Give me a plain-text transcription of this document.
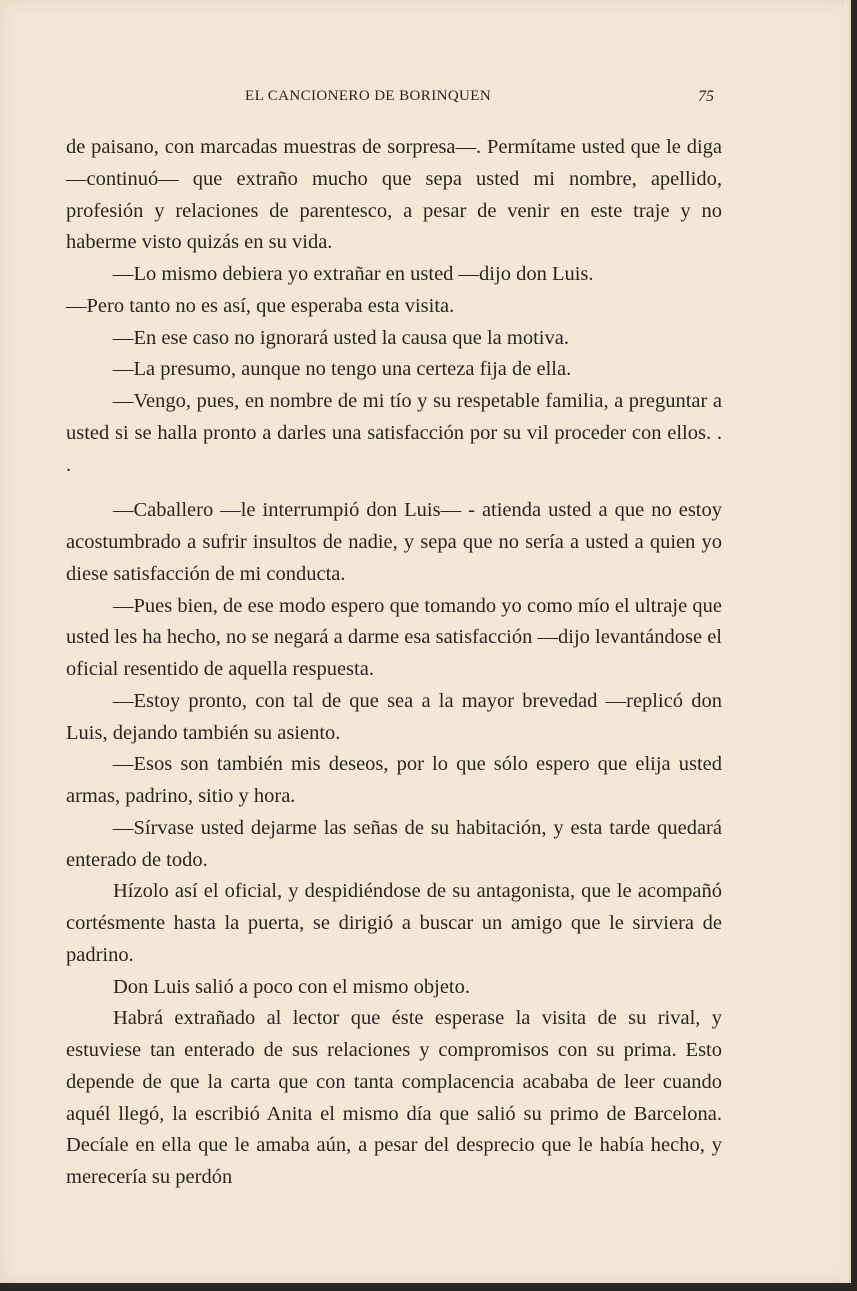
EL CANCIONERO DE BORINQUEN	75

de paisano, con marcadas muestras de sorpresa—. Permítame usted que le diga —continuó— que extraño mucho que sepa usted mi nombre, apellido, profesión y relaciones de parentesco, a pesar de venir en este traje y no haberme visto quizás en su vida.

—Lo mismo debiera yo extrañar en usted —dijo don Luis.

—Pero tanto no es así, que esperaba esta visita.

—En ese caso no ignorará usted la causa que la motiva.

—La presumo, aunque no tengo una certeza fija de ella.

—Vengo, pues, en nombre de mi tío y su respetable familia, a preguntar a usted si se halla pronto a darles una satisfacción por su vil proceder con ellos. . .

—Caballero —le interrumpió don Luis— - atienda usted a que no estoy acostumbrado a sufrir insultos de nadie, y sepa que no sería a usted a quien yo diese satisfacción de mi conducta.

—Pues bien, de ese modo espero que tomando yo como mío el ultraje que usted les ha hecho, no se negará a darme esa satisfacción —dijo levantándose el oficial resentido de aquella respuesta.

—Estoy pronto, con tal de que sea a la mayor brevedad —replicó don Luis, dejando también su asiento.

—Esos son también mis deseos, por lo que sólo espero que elija usted armas, padrino, sitio y hora.

—Sírvase usted dejarme las señas de su habitación, y esta tarde quedará enterado de todo.

Hízolo así el oficial, y despidiéndose de su antagonista, que le acompañó cortésmente hasta la puerta, se dirigió a buscar un amigo que le sirviera de padrino.

Don Luis salió a poco con el mismo objeto.

Habrá extrañado al lector que éste esperase la visita de su rival, y estuviese tan enterado de sus relaciones y compromisos con su prima. Esto depende de que la carta que con tanta complacencia acababa de leer cuando aquél llegó, la escribió Anita el mismo día que salió su primo de Barcelona. Decíale en ella que le amaba aún, a pesar del desprecio que le había hecho, y merecería su perdón
